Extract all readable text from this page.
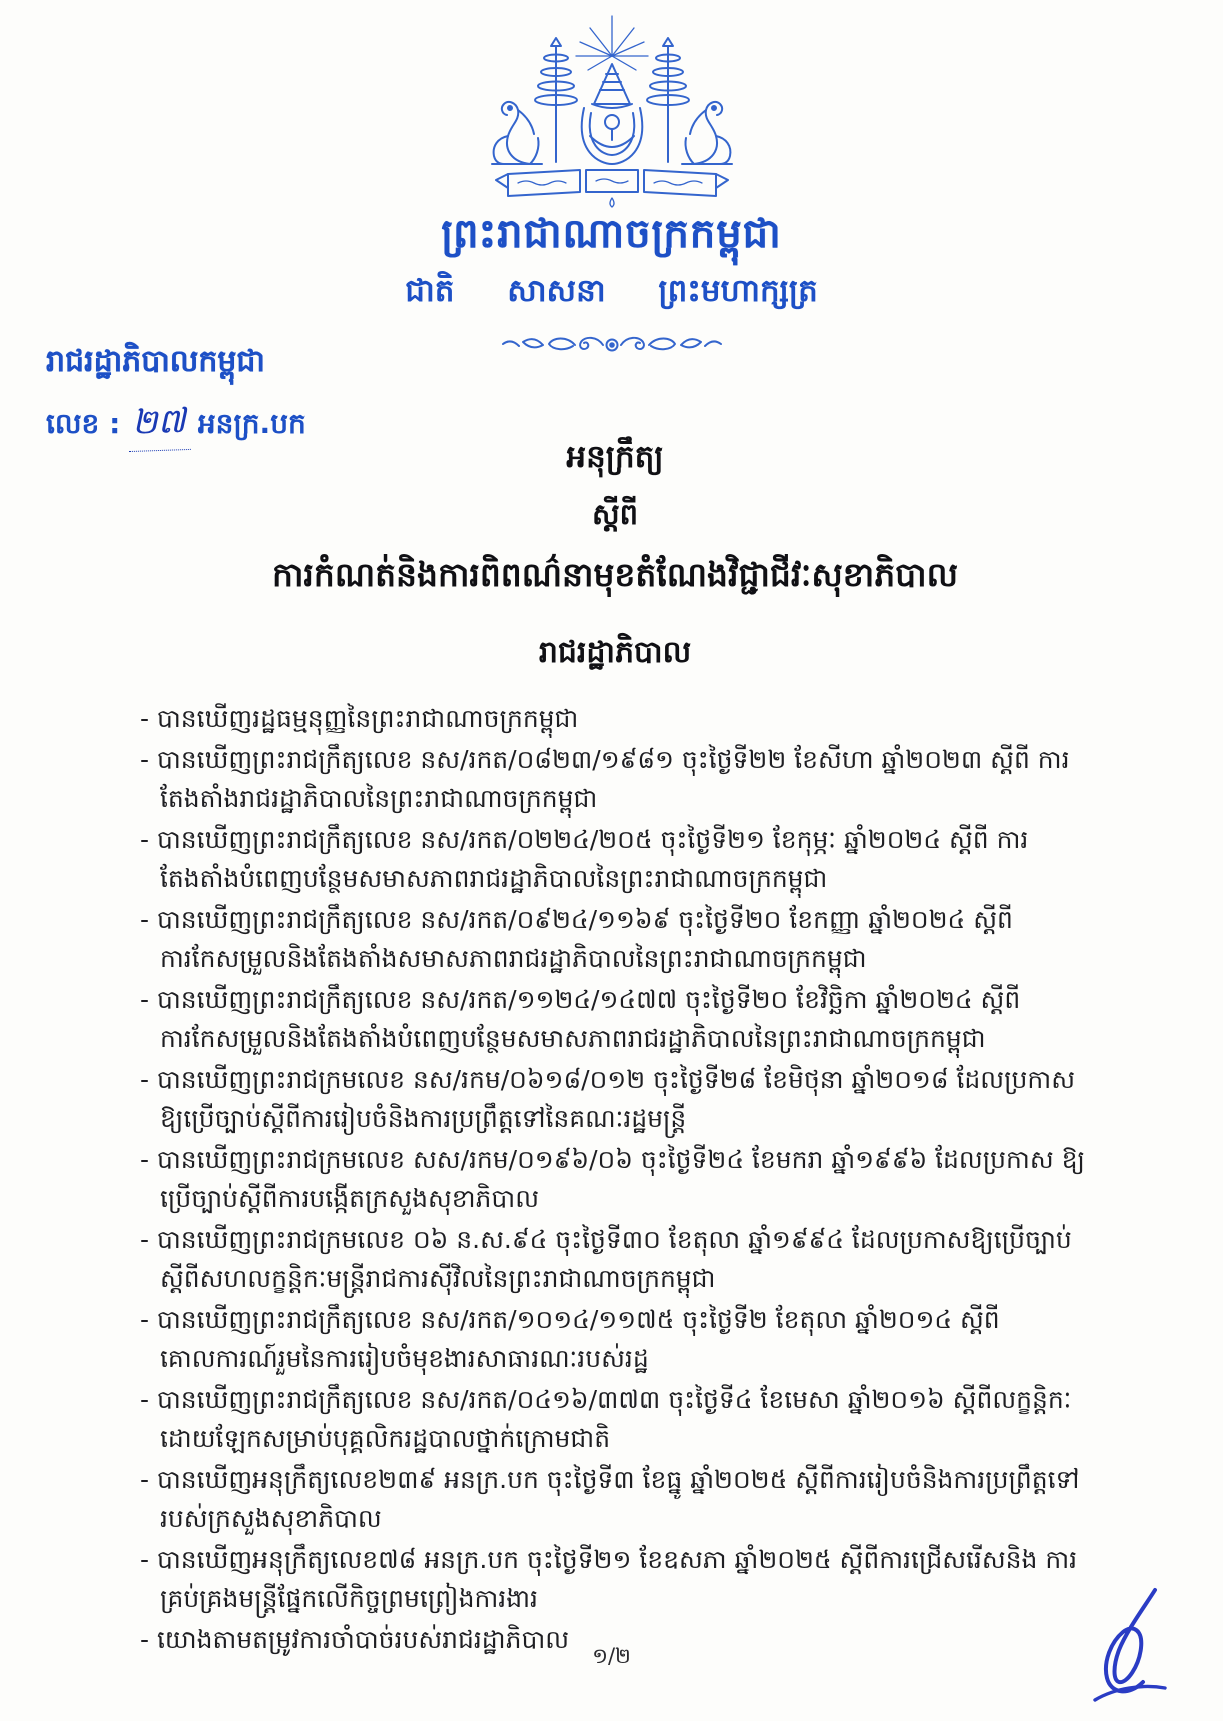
ព្រះរាជាណាចក្រកម្ពុជា
ជាតិ សាសនា ព្រះមហាក្សត្រ
រាជរដ្ឋាភិបាលកម្ពុជា
លេខ : ២៧ អនក្រ.បក
អនុក្រឹត្យ
ស្តីពី
ការកំណត់និងការពិពណ៌នាមុខតំណែងវិជ្ជាជីវៈសុខាភិបាល
រាជរដ្ឋាភិបាល
- បានឃើញរដ្ឋធម្មនុញ្ញនៃព្រះរាជាណាចក្រកម្ពុជា
- បានឃើញព្រះរាជក្រឹត្យលេខ នស/រកត/០៨២៣/១៩៨១ ចុះថ្ងៃទី២២ ខែសីហា ឆ្នាំ២០២៣ ស្តីពី ការតែងតាំងរាជរដ្ឋាភិបាលនៃព្រះរាជាណាចក្រកម្ពុជា
- បានឃើញព្រះរាជក្រឹត្យលេខ នស/រកត/០២២៤/២០៥ ចុះថ្ងៃទី២១ ខែកុម្ភៈ ឆ្នាំ២០២៤ ស្តីពី ការតែងតាំងបំពេញបន្ថែមសមាសភាពរាជរដ្ឋាភិបាលនៃព្រះរាជាណាចក្រកម្ពុជា
- បានឃើញព្រះរាជក្រឹត្យលេខ នស/រកត/០៩២៤/១១៦៩ ចុះថ្ងៃទី២០ ខែកញ្ញា ឆ្នាំ២០២៤ ស្តីពី ការកែសម្រួលនិងតែងតាំងសមាសភាពរាជរដ្ឋាភិបាលនៃព្រះរាជាណាចក្រកម្ពុជា
- បានឃើញព្រះរាជក្រឹត្យលេខ នស/រកត/១១២៤/១៤៧៧ ចុះថ្ងៃទី២០ ខែវិច្ឆិកា ឆ្នាំ២០២៤ ស្តីពី ការកែសម្រួលនិងតែងតាំងបំពេញបន្ថែមសមាសភាពរាជរដ្ឋាភិបាលនៃព្រះរាជាណាចក្រកម្ពុជា
- បានឃើញព្រះរាជក្រមលេខ នស/រកម/០៦១៨/០១២ ចុះថ្ងៃទី២៨ ខែមិថុនា ឆ្នាំ២០១៨ ដែលប្រកាស ឱ្យប្រើច្បាប់ស្តីពីការរៀបចំនិងការប្រព្រឹត្តទៅនៃគណៈរដ្ឋមន្ត្រី
- បានឃើញព្រះរាជក្រមលេខ សស/រកម/០១៩៦/០៦ ចុះថ្ងៃទី២៤ ខែមករា ឆ្នាំ១៩៩៦ ដែលប្រកាស ឱ្យប្រើច្បាប់ស្តីពីការបង្កើតក្រសួងសុខាភិបាល
- បានឃើញព្រះរាជក្រមលេខ ០៦ ន.ស.៩៤ ចុះថ្ងៃទី៣០ ខែតុលា ឆ្នាំ១៩៩៤ ដែលប្រកាសឱ្យប្រើច្បាប់ ស្តីពីសហលក្ខន្តិកៈមន្ត្រីរាជការស៊ីវិលនៃព្រះរាជាណាចក្រកម្ពុជា
- បានឃើញព្រះរាជក្រឹត្យលេខ នស/រកត/១០១៤/១១៧៥ ចុះថ្ងៃទី២ ខែតុលា ឆ្នាំ២០១៤ ស្តីពី គោលការណ៍រួមនៃការរៀបចំមុខងារសាធារណៈរបស់រដ្ឋ
- បានឃើញព្រះរាជក្រឹត្យលេខ នស/រកត/០៤១៦/៣៧៣ ចុះថ្ងៃទី៤ ខែមេសា ឆ្នាំ២០១៦ ស្តីពីលក្ខន្តិកៈ ដោយឡែកសម្រាប់បុគ្គលិករដ្ឋបាលថ្នាក់ក្រោមជាតិ
- បានឃើញអនុក្រឹត្យលេខ២៣៩ អនក្រ.បក ចុះថ្ងៃទី៣ ខែធ្នូ ឆ្នាំ២០២៥ ស្តីពីការរៀបចំនិងការប្រព្រឹត្តទៅ របស់ក្រសួងសុខាភិបាល
- បានឃើញអនុក្រឹត្យលេខ៧៨ អនក្រ.បក ចុះថ្ងៃទី២១ ខែឧសភា ឆ្នាំ២០២៥ ស្តីពីការជ្រើសរើសនិង ការគ្រប់គ្រងមន្ត្រីផ្នែកលើកិច្ចព្រមព្រៀងការងារ
- យោងតាមតម្រូវការចាំបាច់របស់រាជរដ្ឋាភិបាល
១/២
